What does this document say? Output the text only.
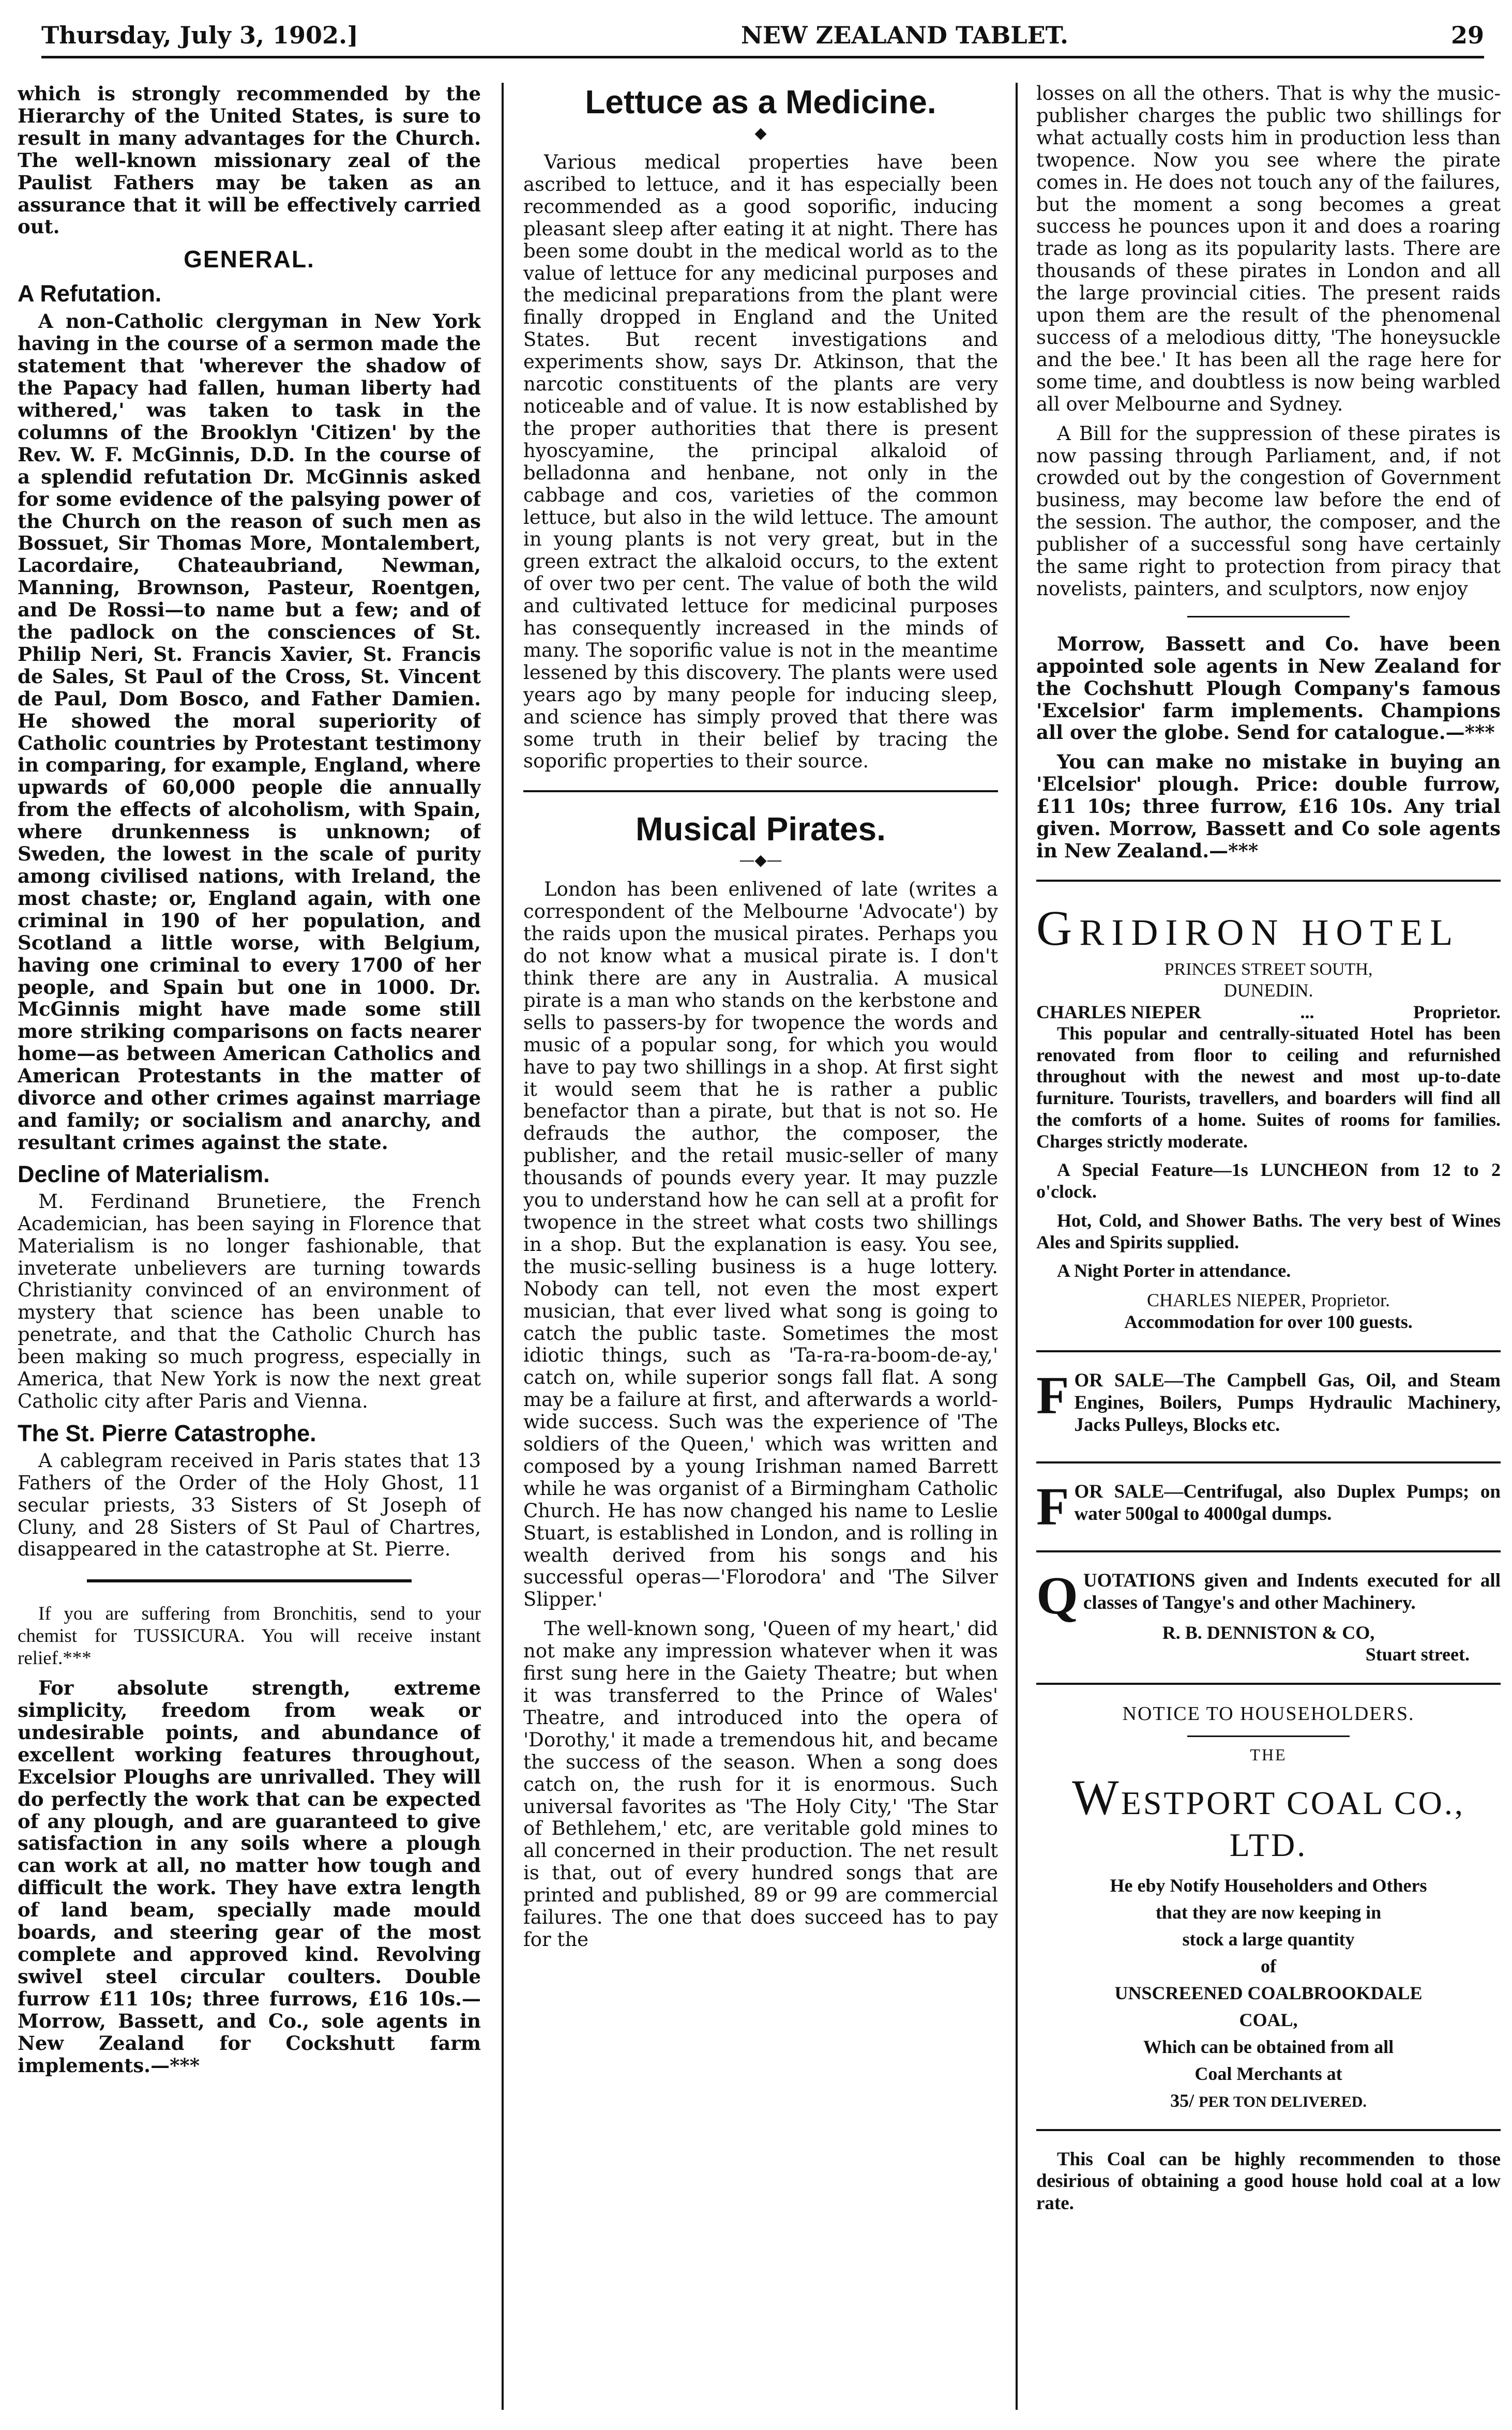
Thursday, July 3, 1902.]	NEW ZEALAND TABLET.	29

which is strongly recommended by the Hierarchy of the United States, is sure to result in many advantages for the Church. The well-known missionary zeal of the Paulist Fathers may be taken as an assurance that it will be effectively carried out.

GENERAL.
A Refutation.

A non-Catholic clergyman in New York having in the course of a sermon made the statement that 'wherever the shadow of the Papacy had fallen, human liberty had withered,' was taken to task in the columns of the Brooklyn 'Citizen' by the Rev. W. F. McGinnis, D.D. In the course of a splendid refutation Dr. McGinnis asked for some evidence of the palsying power of the Church on the reason of such men as Bossuet, Sir Thomas More, Montalembert, Lacordaire, Chateaubriand, Newman, Manning, Brownson, Pasteur, Roentgen, and De Rossi—to name but a few; and of the padlock on the consciences of St. Philip Neri, St. Francis Xavier, St. Francis de Sales, St Paul of the Cross, St. Vincent de Paul, Dom Bosco, and Father Damien. He showed the moral superiority of Catholic countries by Protestant testimony in comparing, for example, England, where upwards of 60,000 people die annually from the effects of alcoholism, with Spain, where drunkenness is unknown; of Sweden, the lowest in the scale of purity among civilised nations, with Ireland, the most chaste; or, England again, with one criminal in 190 of her population, and Scotland a little worse, with Belgium, having one criminal to every 1700 of her people, and Spain but one in 1000. Dr. McGinnis might have made some still more striking comparisons on facts nearer home—as between American Catholics and American Protestants in the matter of divorce and other crimes against marriage and family; or socialism and anarchy, and resultant crimes against the state.

Decline of Materialism.

M. Ferdinand Brunetiere, the French Academician, has been saying in Florence that Materialism is no longer fashionable, that inveterate unbelievers are turning towards Christianity convinced of an environment of mystery that science has been unable to penetrate, and that the Catholic Church has been making so much progress, especially in America, that New York is now the next great Catholic city after Paris and Vienna.

The St. Pierre Catastrophe.

A cablegram received in Paris states that 13 Fathers of the Order of the Holy Ghost, 11 secular priests, 33 Sisters of St Joseph of Cluny, and 28 Sisters of St Paul of Chartres, disappeared in the catastrophe at St. Pierre.

If you are suffering from Bronchitis, send to your chemist for TUSSICURA. You will receive instant relief.***

For absolute strength, extreme simplicity, freedom from weak or undesirable points, and abundance of excellent working features throughout, Excelsior Ploughs are unrivalled. They will do perfectly the work that can be expected of any plough, and are guaranteed to give satisfaction in any soils where a plough can work at all, no matter how tough and difficult the work. They have extra length of land beam, specially made mould boards, and steering gear of the most complete and approved kind. Revolving swivel steel circular coulters. Double furrow £11 10s; three furrows, £16 10s.—Morrow, Bassett, and Co., sole agents in New Zealand for Cockshutt farm implements.—***

Lettuce as a Medicine.
◆

Various medical properties have been ascribed to lettuce, and it has especially been recommended as a good soporific, inducing pleasant sleep after eating it at night. There has been some doubt in the medical world as to the value of lettuce for any medicinal purposes and the medicinal preparations from the plant were finally dropped in England and the United States. But recent investigations and experiments show, says Dr. Atkinson, that the narcotic constituents of the plants are very noticeable and of value. It is now established by the proper authorities that there is present hyoscyamine, the principal alkaloid of belladonna and henbane, not only in the cabbage and cos, varieties of the common lettuce, but also in the wild lettuce. The amount in young plants is not very great, but in the green extract the alkaloid occurs, to the extent of over two per cent. The value of both the wild and cultivated lettuce for medicinal purposes has consequently increased in the minds of many. The soporific value is not in the meantime lessened by this discovery. The plants were used years ago by many people for inducing sleep, and science has simply proved that there was some truth in their belief by tracing the soporific properties to their source.

Musical Pirates.
—◆—

London has been enlivened of late (writes a correspondent of the Melbourne 'Advocate') by the raids upon the musical pirates. Perhaps you do not know what a musical pirate is. I don't think there are any in Australia. A musical pirate is a man who stands on the kerbstone and sells to passers-by for twopence the words and music of a popular song, for which you would have to pay two shillings in a shop. At first sight it would seem that he is rather a public benefactor than a pirate, but that is not so. He defrauds the author, the composer, the publisher, and the retail music-seller of many thousands of pounds every year. It may puzzle you to understand how he can sell at a profit for twopence in the street what costs two shillings in a shop. But the explanation is easy. You see, the music-selling business is a huge lottery. Nobody can tell, not even the most expert musician, that ever lived what song is going to catch the public taste. Sometimes the most idiotic things, such as 'Ta-ra-ra-boom-de-ay,' catch on, while superior songs fall flat. A song may be a failure at first, and afterwards a world-wide success. Such was the experience of 'The soldiers of the Queen,' which was written and composed by a young Irishman named Barrett while he was organist of a Birmingham Catholic Church. He has now changed his name to Leslie Stuart, is established in London, and is rolling in wealth derived from his songs and his successful operas—'Florodora' and 'The Silver Slipper.'

The well-known song, 'Queen of my heart,' did not make any impression whatever when it was first sung here in the Gaiety Theatre; but when it was transferred to the Prince of Wales' Theatre, and introduced into the opera of 'Dorothy,' it made a tremendous hit, and became the success of the season. When a song does catch on, the rush for it is enormous. Such universal favorites as 'The Holy City,' 'The Star of Bethlehem,' etc, are veritable gold mines to all concerned in their production. The net result is that, out of every hundred songs that are printed and published, 89 or 99 are commercial failures. The one that does succeed has to pay for the

losses on all the others. That is why the music-publisher charges the public two shillings for what actually costs him in production less than twopence. Now you see where the pirate comes in. He does not touch any of the failures, but the moment a song becomes a great success he pounces upon it and does a roaring trade as long as its popularity lasts. There are thousands of these pirates in London and all the large provincial cities. The present raids upon them are the result of the phenomenal success of a melodious ditty, 'The honeysuckle and the bee.' It has been all the rage here for some time, and doubtless is now being warbled all over Melbourne and Sydney.

A Bill for the suppression of these pirates is now passing through Parliament, and, if not crowded out by the congestion of Government business, may become law before the end of the session. The author, the composer, and the publisher of a successful song have certainly the same right to protection from piracy that novelists, painters, and sculptors, now enjoy

Morrow, Bassett and Co. have been appointed sole agents in New Zealand for the Cochshutt Plough Company's famous 'Excelsior' farm implements. Champions all over the globe. Send for catalogue.—***

You can make no mistake in buying an 'Elcelsior' plough. Price: double furrow, £11 10s; three furrow, £16 10s. Any trial given. Morrow, Bassett and Co sole agents in New Zealand.—***

GRIDIRON HOTEL
PRINCES STREET SOUTH,
DUNEDIN.
CHARLES NIEPER	...	Proprietor.

This popular and centrally-situated Hotel has been renovated from floor to ceiling and refurnished throughout with the newest and most up-to-date furniture. Tourists, travellers, and boarders will find all the comforts of a home. Suites of rooms for families. Charges strictly moderate.

A Special Feature—1s LUNCHEON from 12 to 2 o'clock.

Hot, Cold, and Shower Baths. The very best of Wines Ales and Spirits supplied.

A Night Porter in attendance.

CHARLES NIEPER, Proprietor.
Accommodation for over 100 guests.

FOR SALE—The Campbell Gas, Oil, and Steam Engines, Boilers, Pumps Hydraulic Machinery, Jacks Pulleys, Blocks etc.

FOR SALE—Centrifugal, also Duplex Pumps; on water 500gal to 4000gal dumps.

QUOTATIONS given and Indents executed for all classes of Tangye's and other Machinery.

R. B. DENNISTON & CO,
Stuart street.
NOTICE TO HOUSEHOLDERS.
THE
WESTPORT COAL CO., LTD.
He eby Notify Householders and Others
that they are now keeping in
stock a large quantity
of
UNSCREENED COALBROOKDALE
COAL,
Which can be obtained from all
Coal Merchants at
35/ PER TON DELIVERED.

This Coal can be highly recommenden to those desirious of obtaining a good house hold coal at a low rate.
